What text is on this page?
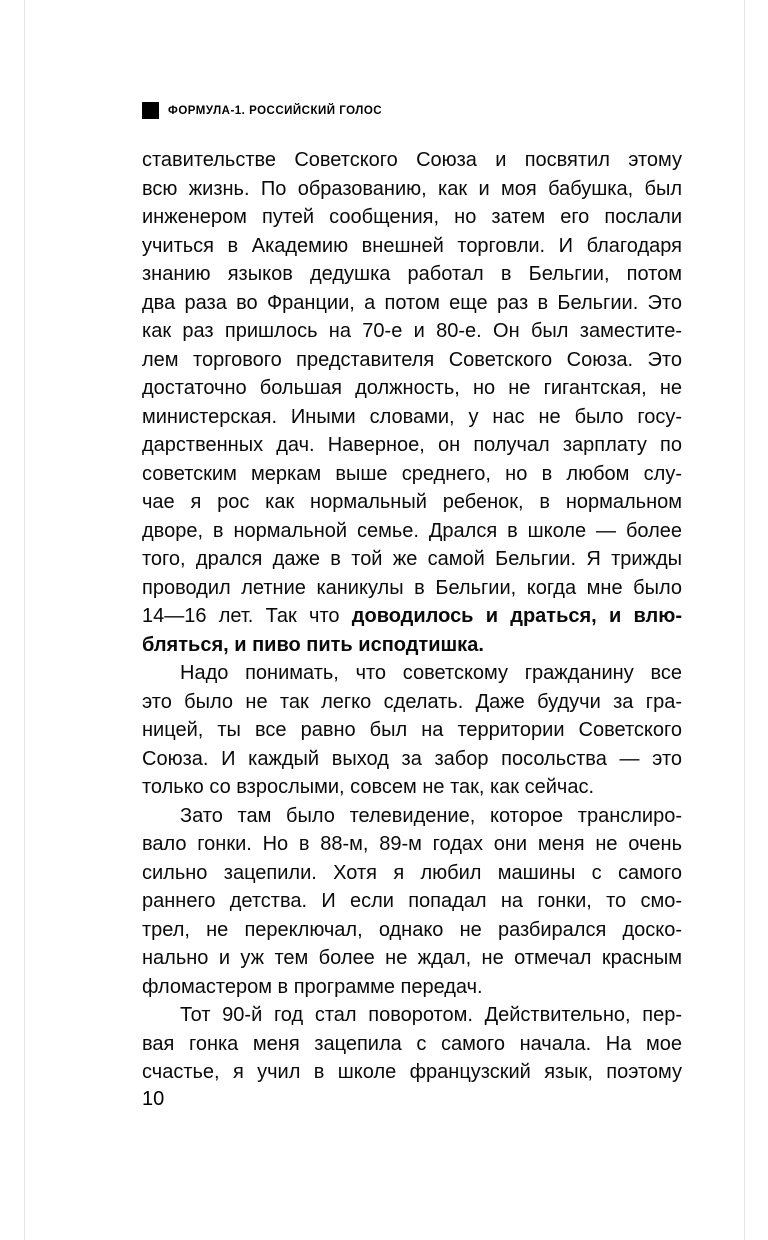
ФОРМУЛА-1. РОССИЙСКИЙ ГОЛОС
ставительстве Советского Союза и посвятил этому
всю жизнь. По образованию, как и моя бабушка, был
инженером путей сообщения, но затем его послали
учиться в Академию внешней торговли. И благодаря
знанию языков дедушка работал в Бельгии, потом
два раза во Франции, а потом еще раз в Бельгии. Это
как раз пришлось на 70-е и 80-е. Он был заместите-
лем торгового представителя Советского Союза. Это
достаточно большая должность, но не гигантская, не
министерская. Иными словами, у нас не было госу-
дарственных дач. Наверное, он получал зарплату по
советским меркам выше среднего, но в любом слу-
чае я рос как нормальный ребенок, в нормальном
дворе, в нормальной семье. Дрался в школе — более
того, дрался даже в той же самой Бельгии. Я трижды
проводил летние каникулы в Бельгии, когда мне было
14—16 лет. Так что доводилось и драться, и влю-
бляться, и пиво пить исподтишка.
Надо понимать, что советскому гражданину все
это было не так легко сделать. Даже будучи за гра-
ницей, ты все равно был на территории Советского
Союза. И каждый выход за забор посольства — это
только со взрослыми, совсем не так, как сейчас.
Зато там было телевидение, которое транслиро-
вало гонки. Но в 88-м, 89-м годах они меня не очень
сильно зацепили. Хотя я любил машины с самого
раннего детства. И если попадал на гонки, то смо-
трел, не переключал, однако не разбирался доско-
нально и уж тем более не ждал, не отмечал красным
фломастером в программе передач.
Тот 90-й год стал поворотом. Действительно, пер-
вая гонка меня зацепила с самого начала. На мое
счастье, я учил в школе французский язык, поэтому
10
